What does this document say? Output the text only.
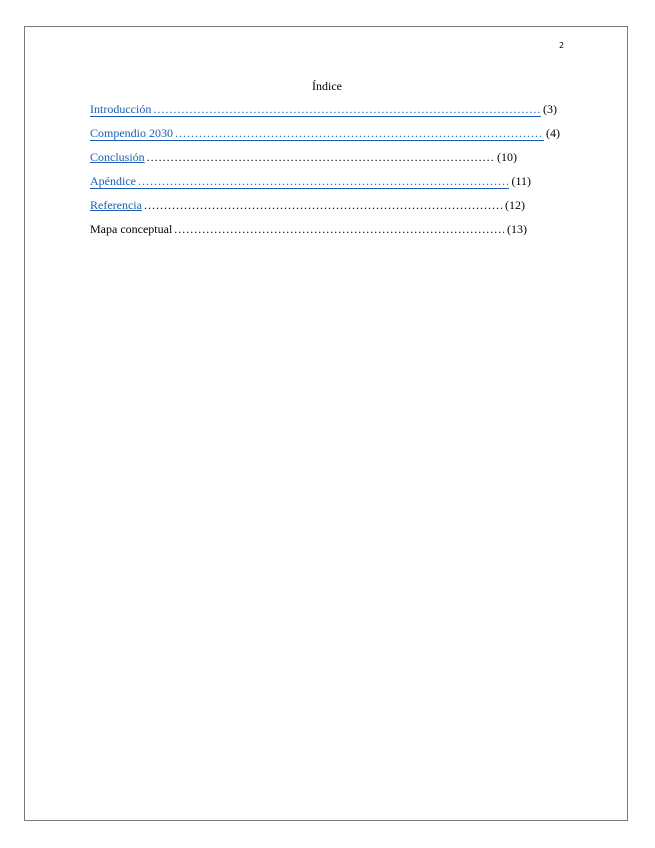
2
Índice
Introducción .....	(3)
Compendio 2030 .....	(4)
Conclusión .....	(10)
Apéndice .....	(11)
Referencia .....	(12)
Mapa conceptual .....	(13)
